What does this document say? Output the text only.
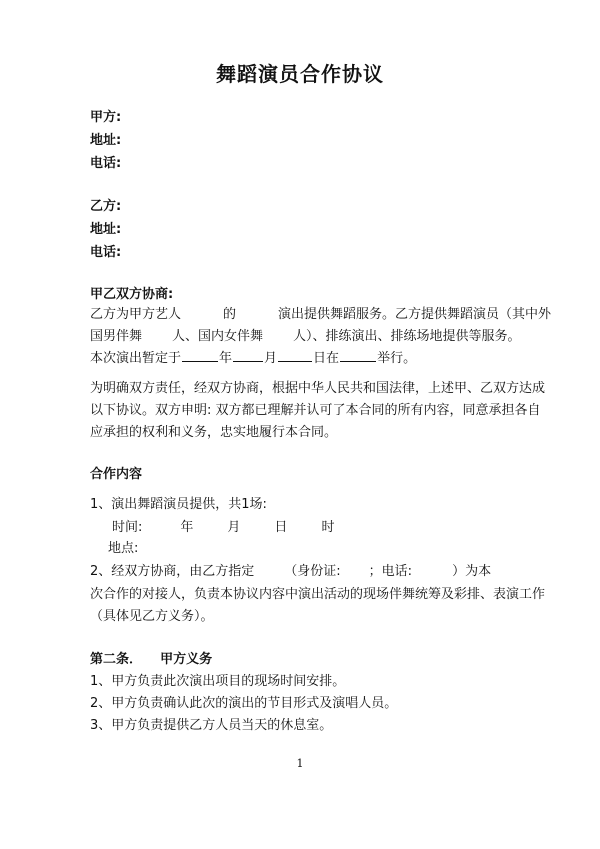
舞蹈演员合作协议
甲方:
地址:
电话:
乙方:
地址:
电话:
甲乙双方协商:
乙方为甲方艺人	的	演出提供舞蹈服务。乙方提供舞蹈演员（其中外
国男伴舞 人、国内女伴舞 人）、排练演出、排练场地提供等服务。
本次演出暂定于	年 月	日在	举行。
为明确双方责任，经双方协商，根据中华人民共和国法律，上述甲、乙双方达成
以下协议。双方申明: 双方都已理解并认可了本合同的所有内容，同意承担各自
应承担的权利和义务，忠实地履行本合同。
合作内容
1、演出舞蹈演员提供，共1场:
时间:	年	月	日	时
地点:
2、经双方协商，由乙方指定 （身份证: ；电话:	）为本
次合作的对接人，负责本协议内容中演出活动的现场伴舞统筹及彩排、表演工作
（具体见乙方义务）。
第二条．    甲方义务
1、甲方负责此次演出项目的现场时间安排。
2、甲方负责确认此次的演出的节目形式及演唱人员。
3、甲方负责提供乙方人员当天的休息室。
1
